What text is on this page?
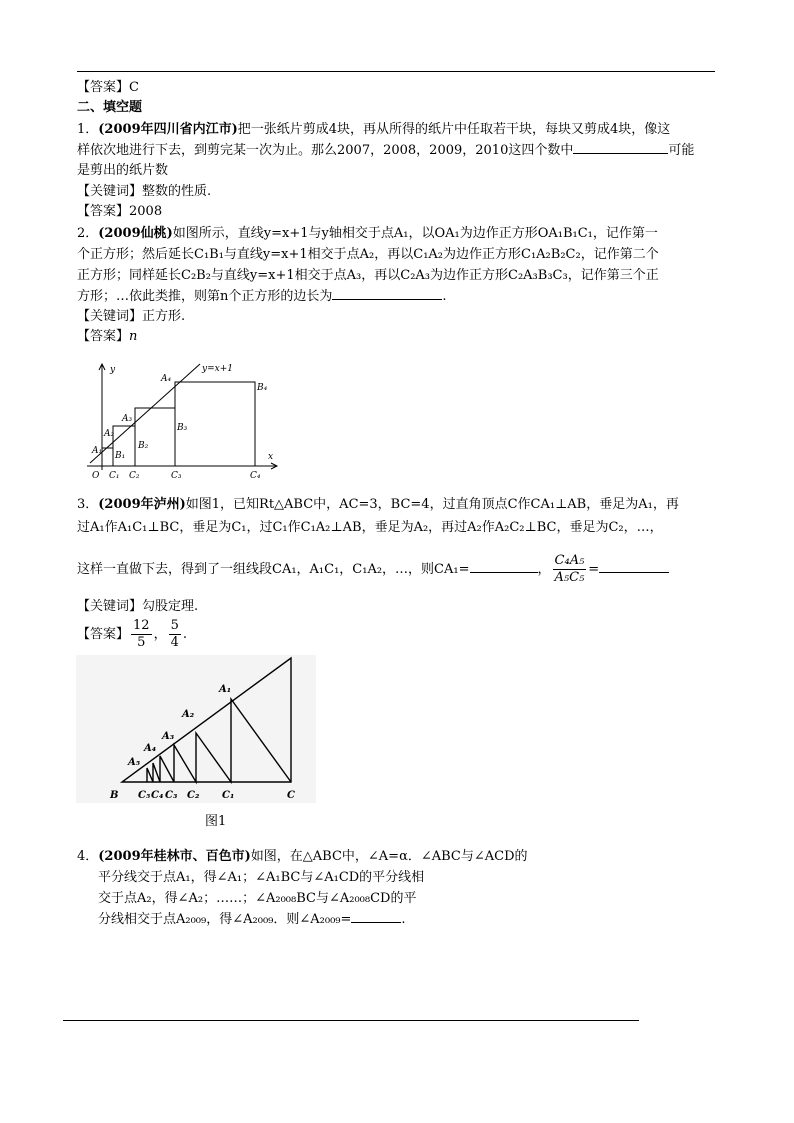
【答案】C
二、填空题
1．(2009年四川省内江市)把一张纸片剪成4块，再从所得的纸片中任取若干块，每块又剪成4块，像这
样依次地进行下去，到剪完某一次为止。那么2007，2008，2009，2010这四个数中	可能
是剪出的纸片数
【关键词】整数的性质.
【答案】2008
2．(2009仙桃)如图所示，直线y=x+1与y轴相交于点A₁，以OA₁为边作正方形OA₁B₁C₁，记作第一
个正方形；然后延长C₁B₁与直线y=x+1相交于点A₂，再以C₁A₂为边作正方形C₁A₂B₂C₂，记作第二个
正方形；同样延长C₂B₂与直线y=x+1相交于点A₃，再以C₂A₃为边作正方形C₂A₃B₃C₃，记作第三个正
方形；…依此类推，则第n个正方形的边长为	.
【关键词】正方形.
【答案】n
y	y=x+1
x
O
A₁
A₂
A₃
A₄
B₁
B₂
B₃
B₄
C₁ C₂	C₃	C₄
3．(2009年泸州)如图1，已知Rt△ABC中，AC=3，BC=4，过直角顶点C作CA₁⊥AB，垂足为A₁，再
过A₁作A₁C₁⊥BC，垂足为C₁，过C₁作C₁A₂⊥AB，垂足为A₂，再过A₂作A₂C₂⊥BC，垂足为C₂，…，
这样一直做下去，得到了一组线段CA₁，A₁C₁，C₁A₂，…，则CA₁=	， $\frac{\text{C₄A₅}}{\text{A₅C₅}}$ =
【关键词】勾股定理.
【答案】 $\frac{12}{5}$ ， $\frac{5}{4}$ .
A₁
A₂
A₃
A₄
A₅
B C₅ C₄ C₃ C₂ C₁	C
图1
4．(2009年桂林市、百色市)如图，在△ABC中，∠A=α．∠ABC与∠ACD的
平分线交于点A₁，得∠A₁；∠A₁BC与∠A₁CD的平分线相
交于点A₂，得∠A₂；……；∠A₂₀₀₈BC与∠A₂₀₀₈CD的平
分线相交于点A₂₀₀₉，得∠A₂₀₀₉．则∠A₂₀₀₉=	.
